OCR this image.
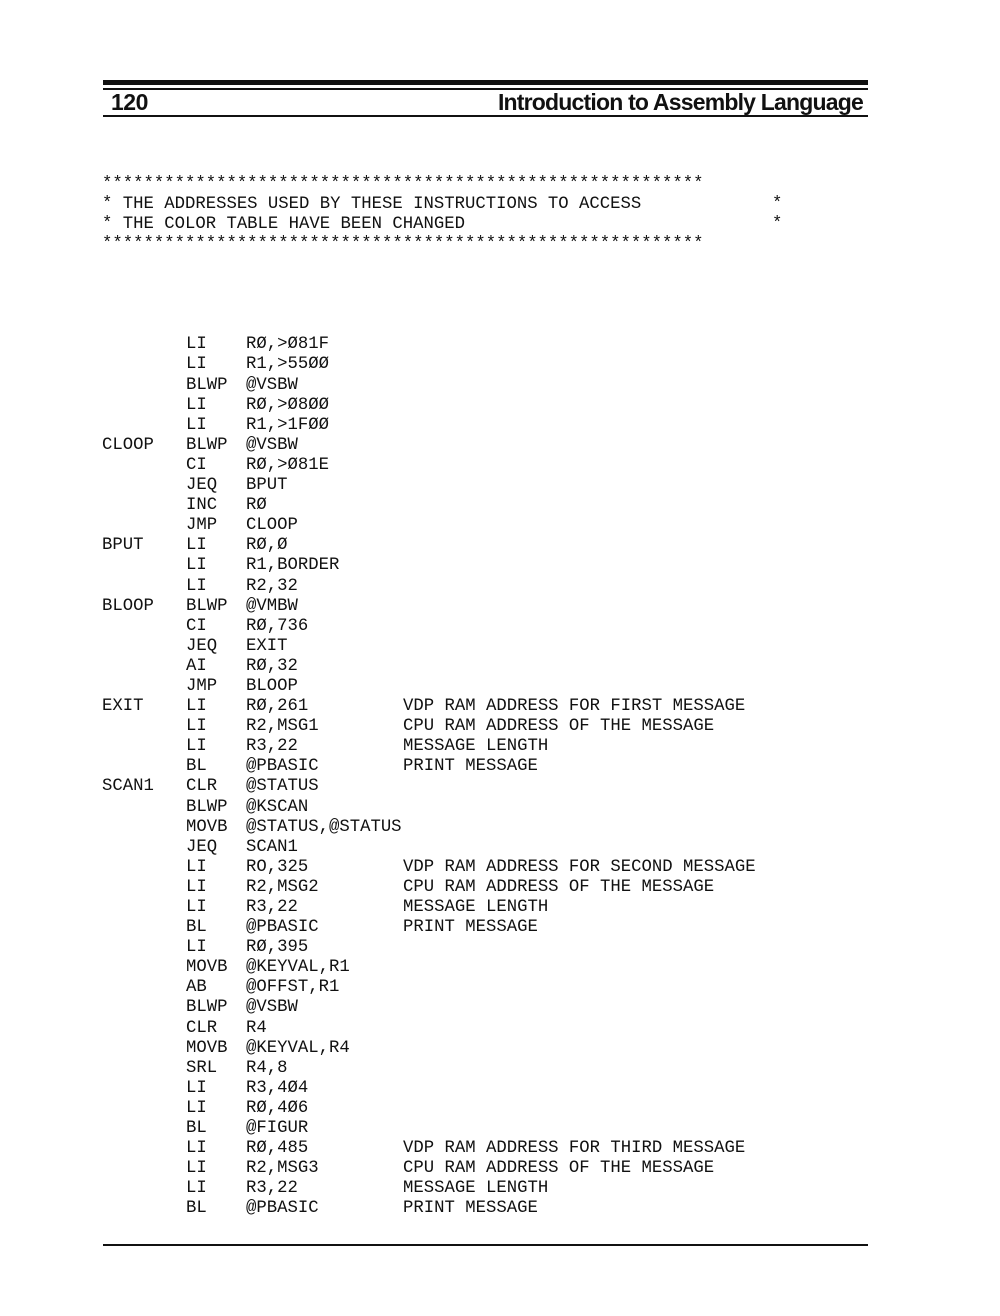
120	Introduction to Assembly Language
**********************************************************
* THE ADDRESSES USED BY THESE INSTRUCTIONS TO ACCESS	*
* THE COLOR TABLE HAVE BEEN CHANGED	*
**********************************************************
LI RØ,>Ø81F
LI R1,>55ØØ
BLWP @VSBW
LI RØ,>Ø8ØØ
LI R1,>1FØØ
CLOOP BLWP @VSBW
CI RØ,>Ø81E
JEQ BPUT
INC RØ
JMP CLOOP
BPUT LI RØ,Ø
LI R1,BORDER
LI R2,32
BLOOP BLWP @VMBW
CI RØ,736
JEQ EXIT
AI RØ,32
JMP BLOOP
EXIT LI RØ,261	VDP RAM ADDRESS FOR FIRST MESSAGE
LI R2,MSG1	CPU RAM ADDRESS OF THE MESSAGE
LI R3,22	MESSAGE LENGTH
BL @PBASIC	PRINT MESSAGE
SCAN1 CLR @STATUS
BLWP @KSCAN
MOVB @STATUS,@STATUS
JEQ SCAN1
LI RO,325	VDP RAM ADDRESS FOR SECOND MESSAGE
LI R2,MSG2	CPU RAM ADDRESS OF THE MESSAGE
LI R3,22	MESSAGE LENGTH
BL @PBASIC	PRINT MESSAGE
LI RØ,395
MOVB @KEYVAL,R1
AB @OFFST,R1
BLWP @VSBW
CLR R4
MOVB @KEYVAL,R4
SRL R4,8
LI R3,4Ø4
LI RØ,4Ø6
BL @FIGUR
LI RØ,485	VDP RAM ADDRESS FOR THIRD MESSAGE
LI R2,MSG3	CPU RAM ADDRESS OF THE MESSAGE
LI R3,22	MESSAGE LENGTH
BL @PBASIC	PRINT MESSAGE
